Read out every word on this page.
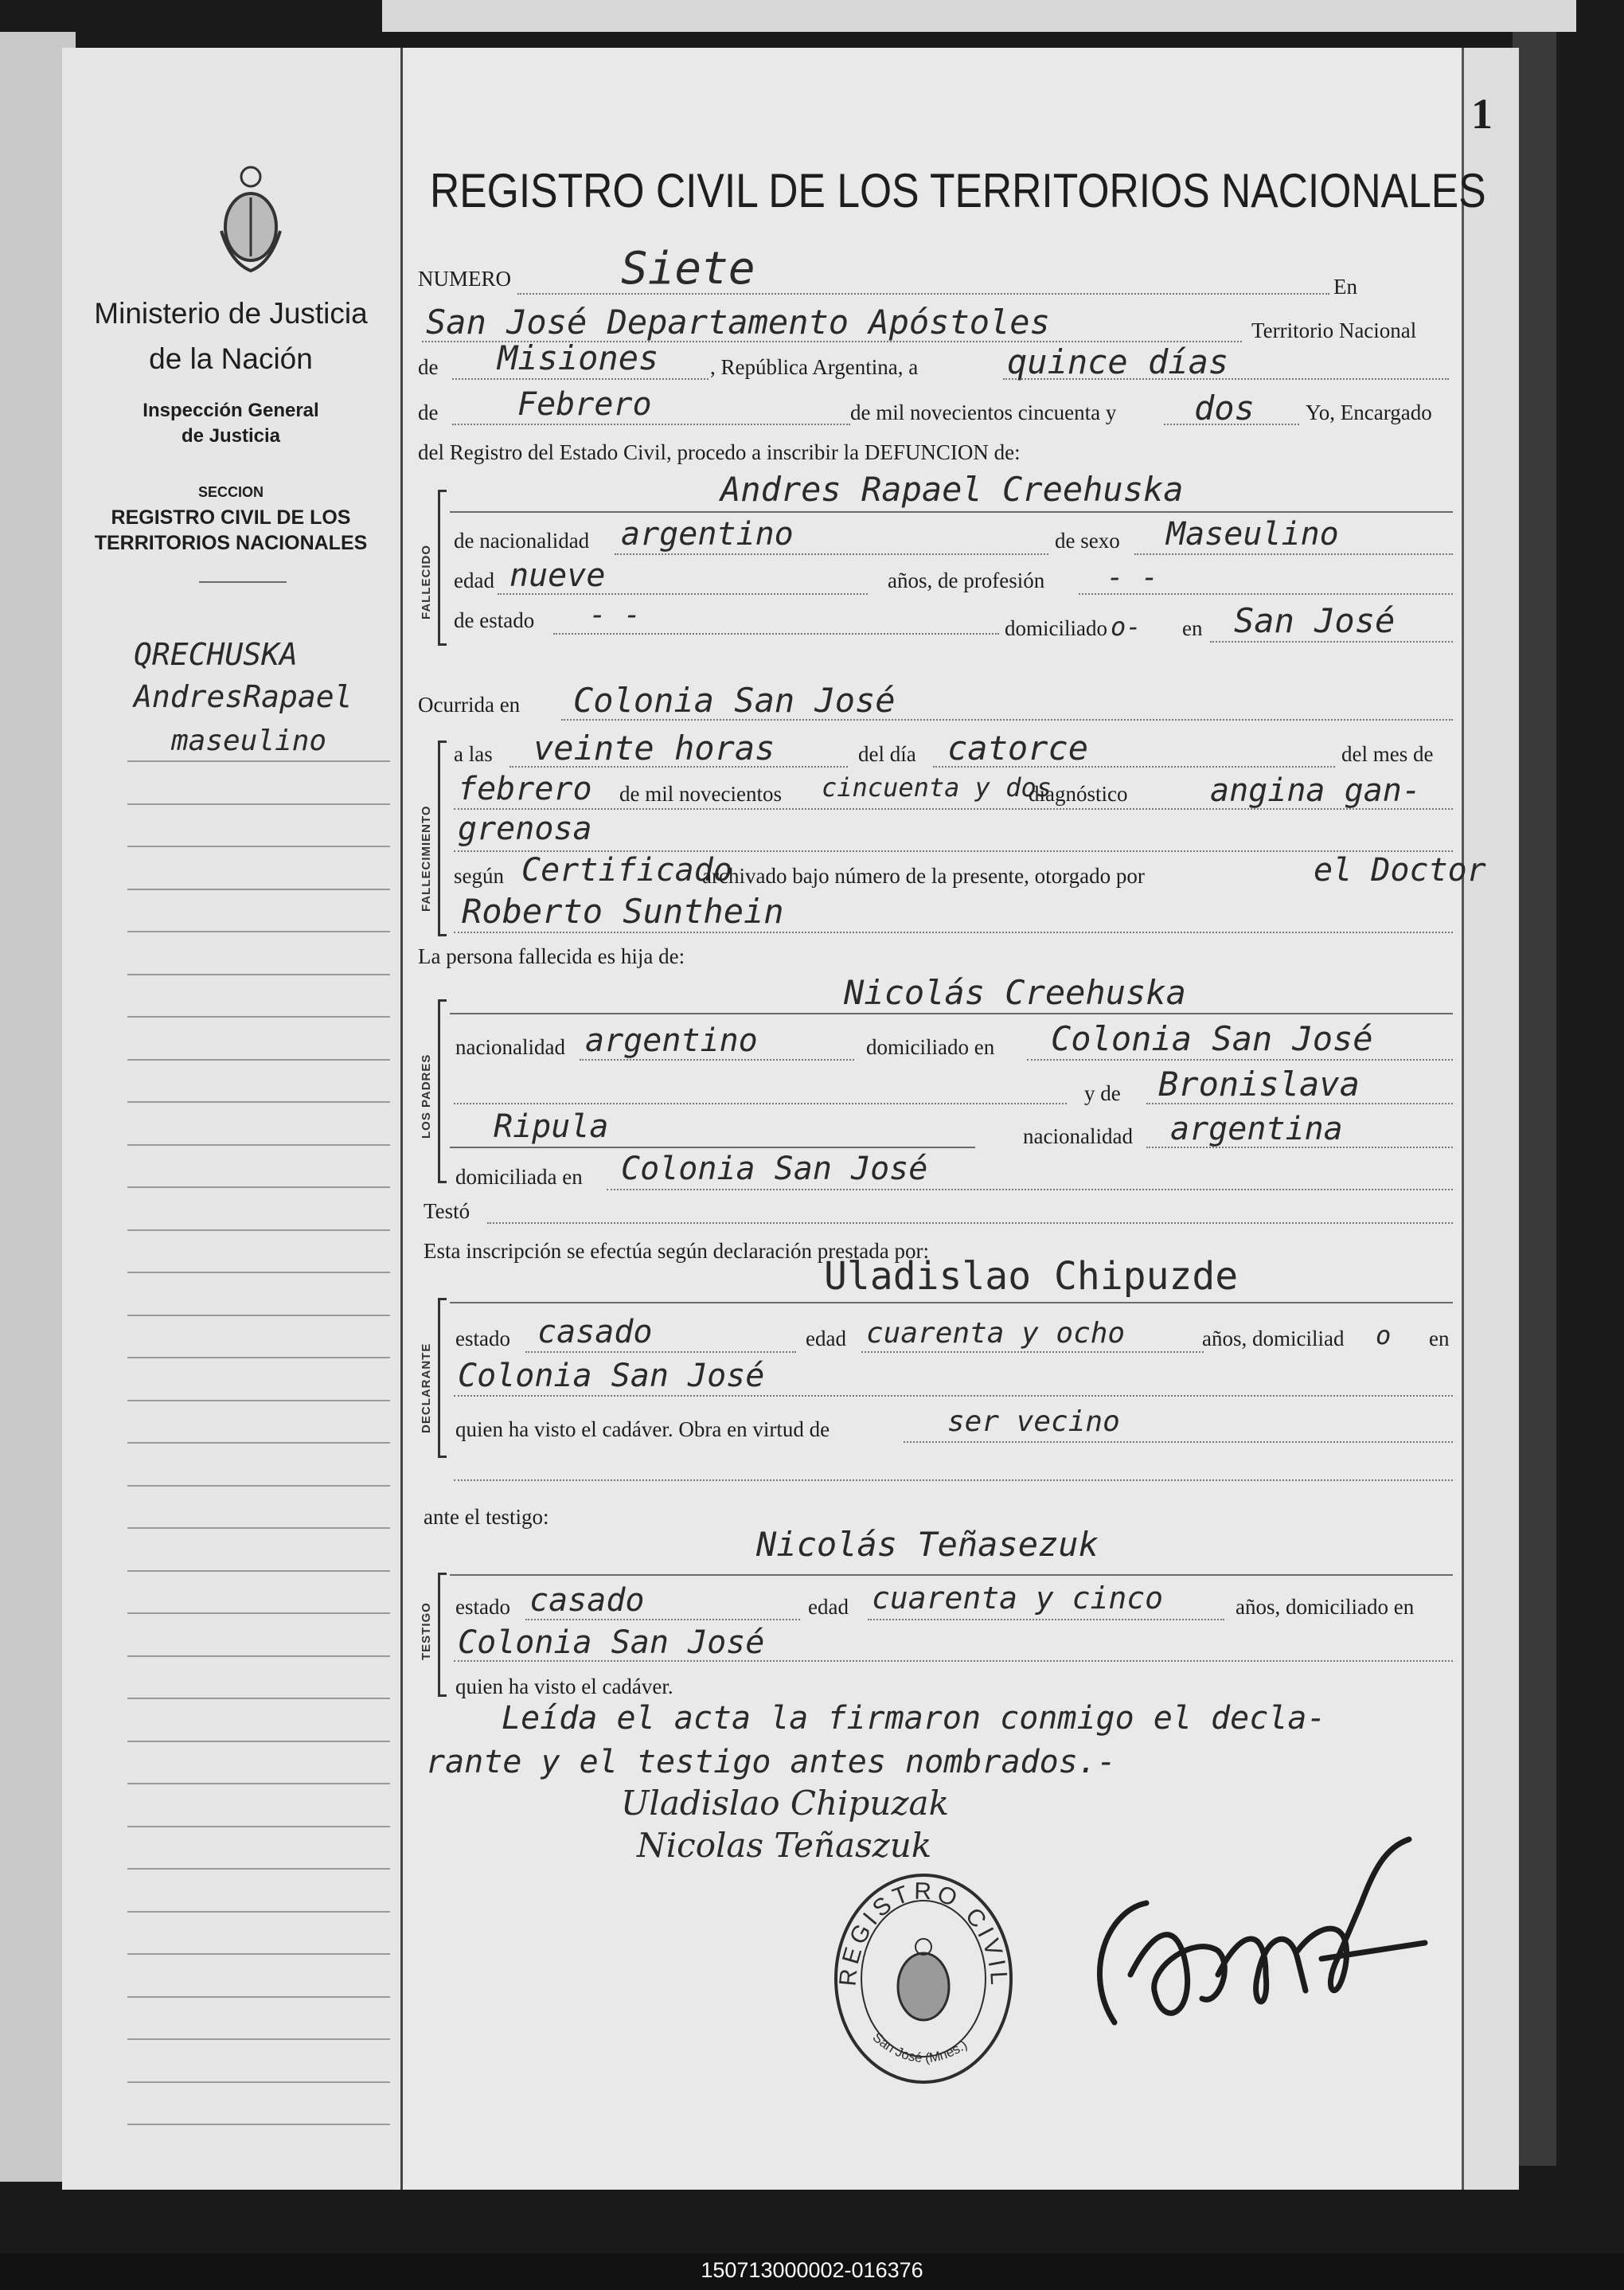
1
Ministerio de Justicia
de la Nación
Inspección General
de Justicia
SECCION
REGISTRO CIVIL DE LOS
TERRITORIOS NACIONALES
QRECHUSKA
AndresRapael
maseulino
REGISTRO CIVIL DE LOS TERRITORIOS NACIONALES
NUMERO Siete	En
San José Departamento Apóstoles	Territorio Nacional
de Misiones , República Argentina, a	quince días
de Febrero	de mil novecientos cincuenta y dos Yo, Encargado
del Registro del Estado Civil, procedo a inscribir la DEFUNCION de:
FALLECIDO
Andres Rapael Creehuska
de nacionalidad argentino	de sexo Maseulino
edad nueve	años, de profesión - -
de estado - -	domiciliado o- en San José
Ocurrida en Colonia San José
FALLECIMIENTO
a las veinte horas	del día catorce	del mes de
febrero de mil novecientos cincuenta y dos
diagnóstico	angina gan-
grenosa
según Certificado
archivado bajo número de la presente, otorgado por	el Doctor
Roberto Sunthein
La persona fallecida es hija de:
LOS PADRES
Nicolás Creehuska
nacionalidad argentino	domiciliado en Colonia San José
y de Bronislava
Ripula	nacionalidad argentina
domiciliada en Colonia San José
Testó
Esta inscripción se efectúa según declaración prestada por:
DECLARANTE
Uladislao Chipuzde
estado casado	edad cuarenta y ocho	años, domiciliad o en
Colonia San José
quien ha visto el cadáver. Obra en virtud de	ser vecino
ante el testigo:
TESTIGO
Nicolás Teñasezuk
estado casado	edad cuarenta y cinco	años, domiciliado en
Colonia San José
quien ha visto el cadáver.
Leída el acta la firmaron conmigo el decla-
rante y el testigo antes nombrados.-
Uladislao Chipuzak
Nicolas Teñaszuk
REGISTRO CIVIL
San José (Mnes.)
150713000002-016376
